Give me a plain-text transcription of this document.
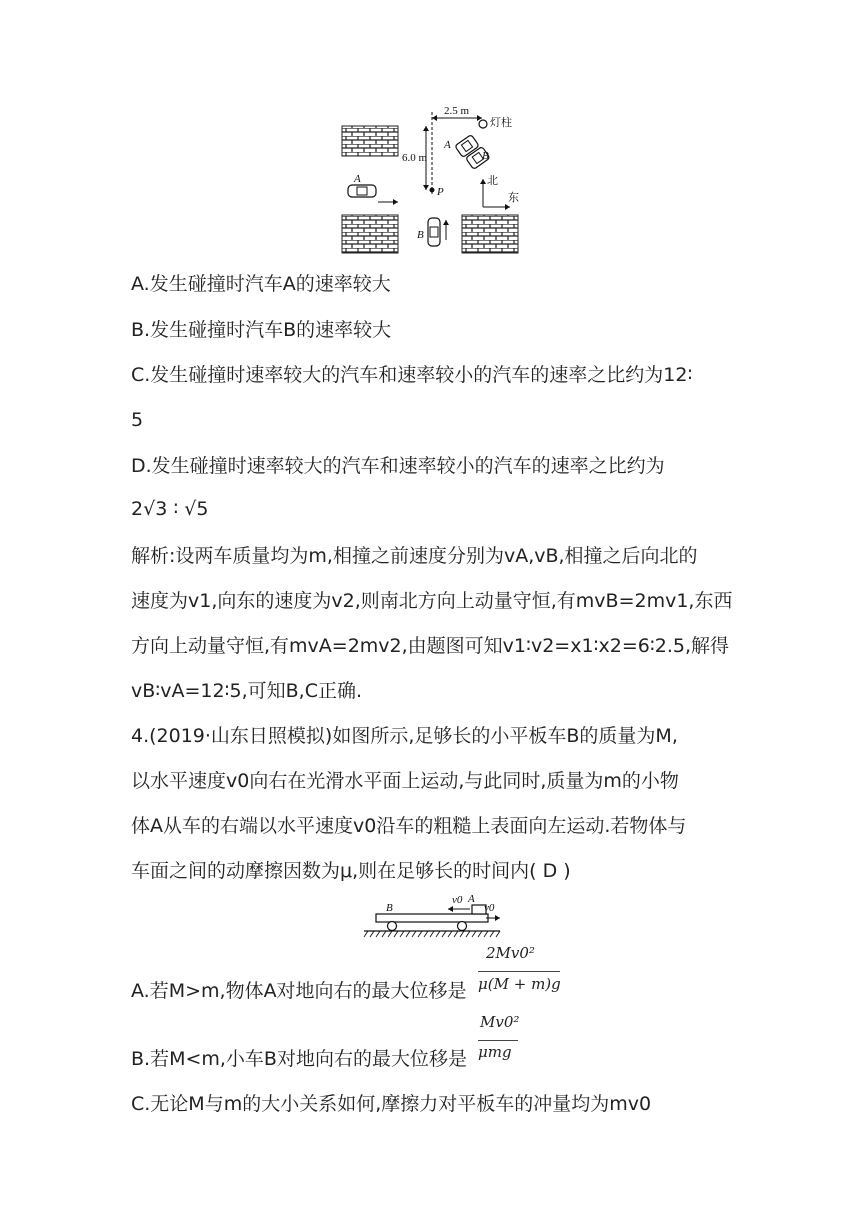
2.5 m
6.0 m
P
灯柱
A
B
A
B
北
东
A.发生碰撞时汽车A的速率较大
B.发生碰撞时汽车B的速率较大
C.发生碰撞时速率较大的汽车和速率较小的汽车的速率之比约为12∶
5
D.发生碰撞时速率较大的汽车和速率较小的汽车的速率之比约为
2√3 ∶ √5
解析:设两车质量均为m,相撞之前速度分别为vA,vB,相撞之后向北的
速度为v1,向东的速度为v2,则南北方向上动量守恒,有mvB=2mv1,东西
方向上动量守恒,有mvA=2mv2,由题图可知v1∶v2=x1∶x2=6∶2.5,解得
vB∶vA=12∶5,可知B,C正确.
4.(2019·山东日照模拟)如图所示,足够长的小平板车B的质量为M,
以水平速度v0向右在光滑水平面上运动,与此同时,质量为m的小物
体A从车的右端以水平速度v0沿车的粗糙上表面向左运动.若物体与
车面之间的动摩擦因数为μ,则在足够长的时间内( D )
A
B
v0
v0
A.若M>m,物体A对地向右的最大位移是
2Mv0²
μ(M + m)g
B.若M<m,小车B对地向右的最大位移是
Mv0²
μmg
C.无论M与m的大小关系如何,摩擦力对平板车的冲量均为mv0
